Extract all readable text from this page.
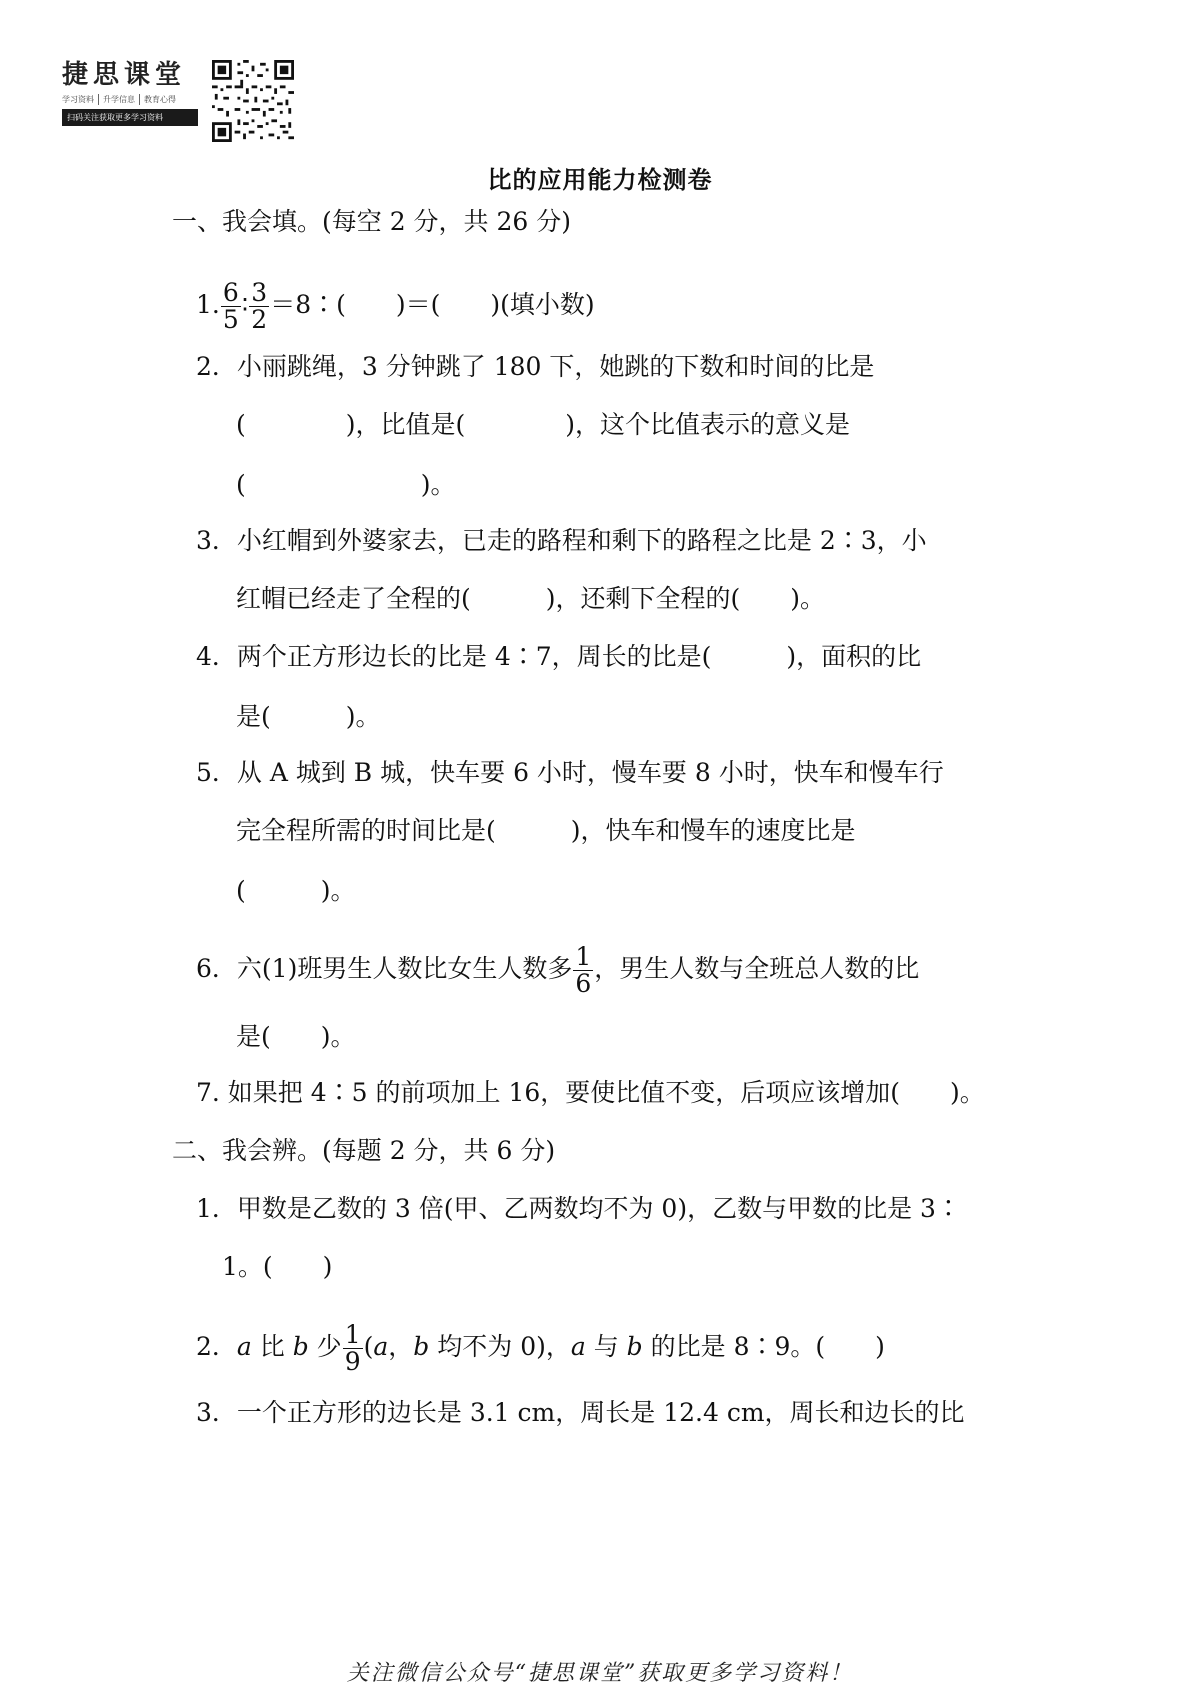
捷思课堂
学习资料	升学信息	教育心得
扫码关注获取更多学习资料
比的应用能力检测卷
一、我会填。(每空 2 分，共 26 分)
1. $\frac{6}{5}$ ∶ $\frac{3}{2}$ ＝8∶(　　)＝(　　)(填小数)
2．小丽跳绳，3 分钟跳了 180 下，她跳的下数和时间的比是
(　　　　)，比值是(　　　　)，这个比值表示的意义是
(　　　　　　　)。
3．小红帽到外婆家去，已走的路程和剩下的路程之比是 2∶3，小
红帽已经走了全程的(　　　)，还剩下全程的(　　)。
4．两个正方形边长的比是 4∶7，周长的比是(　　　)，面积的比
是(　　　)。
5．从 A 城到 B 城，快车要 6 小时，慢车要 8 小时，快车和慢车行
完全程所需的时间比是(　　　)，快车和慢车的速度比是
(　　　)。
6．六(1)班男生人数比女生人数多 $\frac{1}{6}$ ，男生人数与全班总人数的比
是(　　)。
7. 如果把 4∶5 的前项加上 16，要使比值不变，后项应该增加(　　)。
二、我会辨。(每题 2 分，共 6 分)
1．甲数是乙数的 3 倍(甲、乙两数均不为 0)，乙数与甲数的比是 3∶
1。(　　)
2．a 比 b 少 $\frac{1}{9} (a$，b 均不为 0)，a 与 b 的比是 8∶9。(　　)
3．一个正方形的边长是 3.1 cm，周长是 12.4 cm，周长和边长的比
关注微信公众号“捷思课堂”获取更多学习资料！
